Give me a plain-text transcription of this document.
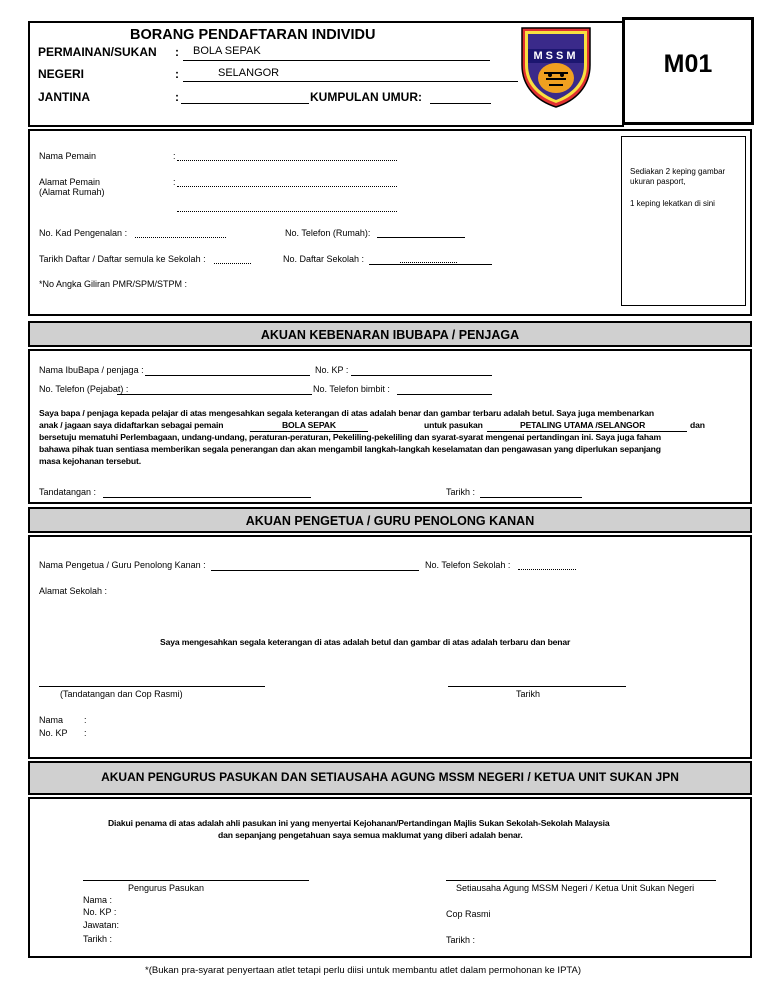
M01
BORANG PENDAFTARAN INDIVIDU
PERMAINAN/SUKAN : BOLA SEPAK
NEGERI	:	SELANGOR
JANTINA	:	KUMPULAN UMUR:
MSSM
Sediakan 2 keping gambar
ukuran pasport,
1 keping lekatkan di sini
Nama Pemain	:
Alamat Pemain
(Alamat Rumah)
:
No. Kad Pengenalan :	No. Telefon (Rumah):
Tarikh Daftar / Daftar semula ke Sekolah :	No. Daftar Sekolah :
*No Angka Giliran PMR/SPM/STPM :
AKUAN KEBENARAN IBUBAPA / PENJAGA
Nama IbuBapa / penjaga :	No. KP :
No. Telefon (Pejabat) :	No. Telefon bimbit :
Saya bapa / penjaga kepada pelajar di atas mengesahkan segala keterangan di atas adalah benar dan gambar terbaru adalah betul. Saya juga membenarkan
anak / jagaan saya didaftarkan sebagai pemain	BOLA SEPAK	untuk pasukan	PETALING UTAMA /SELANGOR	dan
bersetuju mematuhi Perlembagaan, undang-undang, peraturan-peraturan, Pekeliling-pekeliling dan syarat-syarat mengenai pertandingan ini. Saya juga faham
bahawa pihak tuan sentiasa memberikan segala penerangan dan akan mengambil langkah-langkah keselamatan dan pengawasan yang diperlukan sepanjang
masa kejohanan tersebut.
Tandatangan :	Tarikh :
AKUAN PENGETUA / GURU PENOLONG KANAN
Nama Pengetua / Guru Penolong Kanan :	No. Telefon Sekolah :
Alamat Sekolah :
Saya mengesahkan segala keterangan di atas adalah betul dan gambar di atas adalah terbaru dan benar
(Tandatangan dan Cop Rasmi)	Tarikh
Nama :
No. KP :
AKUAN PENGURUS PASUKAN DAN SETIAUSAHA AGUNG MSSM NEGERI / KETUA UNIT SUKAN JPN
Diakui penama di atas adalah ahli pasukan ini yang menyertai Kejohanan/Pertandingan Majlis Sukan Sekolah-Sekolah Malaysia
dan sepanjang pengetahuan saya semua maklumat yang diberi adalah benar.
Pengurus Pasukan
Nama :
No. KP :
Jawatan:
Tarikh :
Setiausaha Agung MSSM Negeri / Ketua Unit Sukan Negeri
Cop Rasmi
Tarikh :
*(Bukan pra-syarat penyertaan atlet tetapi perlu diisi untuk membantu atlet dalam permohonan ke IPTA)
